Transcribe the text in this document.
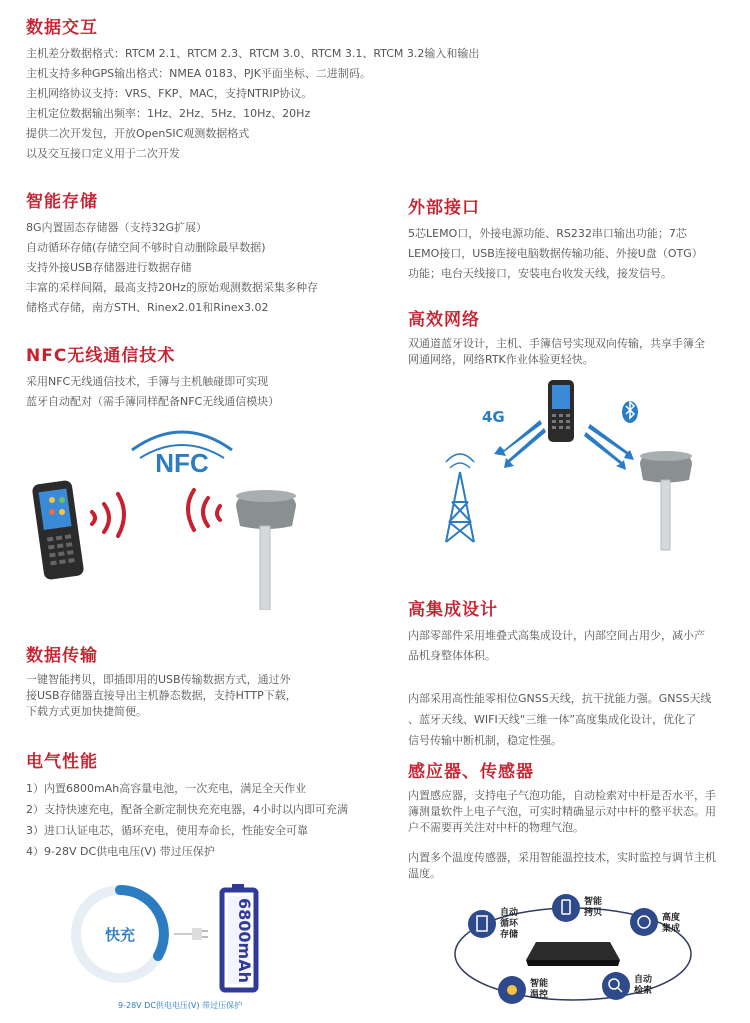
数据交互

主机差分数据格式：RTCM 2.1、RTCM 2.3、RTCM 3.0、RTCM 3.1、RTCM 3.2输入和输出

主机支持多种GPS输出格式：NMEA 0183、PJK平面坐标、二进制码。

主机网络协议支持：VRS、FKP、MAC，支持NTRIP协议。

主机定位数据输出频率：1Hz、2Hz、5Hz、10Hz、20Hz

提供二次开发包，开放OpenSIC观测数据格式

以及交互接口定义用于二次开发

智能存储

8G内置固态存储器（支持32G扩展）

自动循环存储(存储空间不够时自动删除最早数据)

支持外接USB存储器进行数据存储

丰富的采样间隔，最高支持20Hz的原始观测数据采集多种存

储格式存储，南方STH、Rinex2.01和Rinex3.02

NFC无线通信技术

采用NFC无线通信技术，手簿与主机触碰即可实现

蓝牙自动配对（需手簿同样配备NFC无线通信模块）

NFC
数据传输

一键智能拷贝，即插即用的USB传输数据方式，通过外

接USB存储器直接导出主机静态数据，支持HTTP下载，

下载方式更加快捷简便。

电气性能

1）内置6800mAh高容量电池，一次充电，满足全天作业

2）支持快速充电，配备全新定制快充充电器，4小时以内即可充满

3）进口认证电芯，循环充电，使用寿命长，性能安全可靠

4）9-28V DC供电电压(V) 带过压保护

快充	6800mAh
9-28V DC供电电压(V) 带过压保护
外部接口

5芯LEMO口，外接电源功能、RS232串口输出功能；7芯

LEMO接口，USB连接电脑数据传输功能、外接U盘（OTG）

功能；电台天线接口，安装电台收发天线，接发信号。

高效网络

双通道蓝牙设计，主机、手簿信号实现双向传输，共享手簿全

网通网络，网络RTK作业体验更轻快。

4G
高集成设计

内部零部件采用堆叠式高集成设计，内部空间占用少，减小产

品机身整体体积。

内部采用高性能零相位GNSS天线，抗干扰能力强。GNSS天线

、蓝牙天线、WIFI天线“三维一体”高度集成化设计，优化了

信号传输中断机制，稳定性强。

感应器、传感器

内置感应器，支持电子气泡功能，自动检索对中杆是否水平，手

簿测量软件上电子气泡，可实时精确显示对中杆的整平状态。用

户不需要再关注对中杆的物理气泡。

内置多个温度传感器，采用智能温控技术，实时监控与调节主机

温度。

自动
循环
存储
智能
拷贝	高度
集成
智能
温控
自动
检索
